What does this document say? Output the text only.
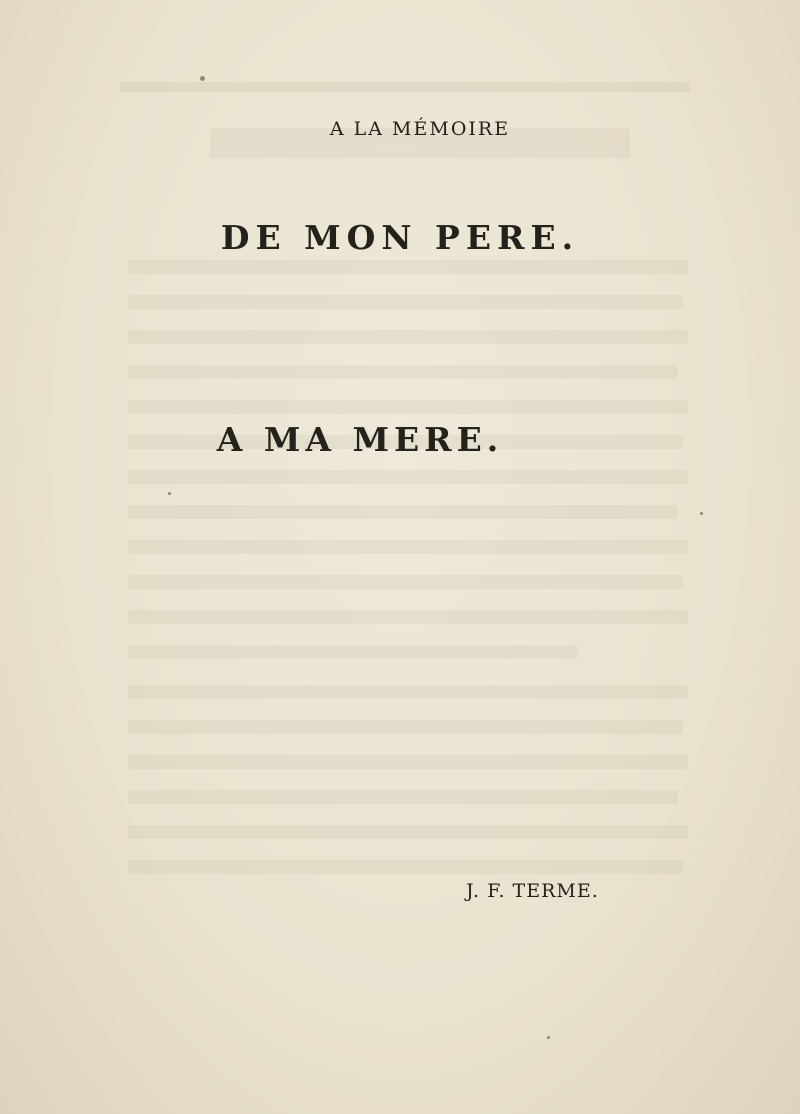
A LA MÉMOIRE
DE MON PERE.
A MA MERE.
J. F. TERME.
